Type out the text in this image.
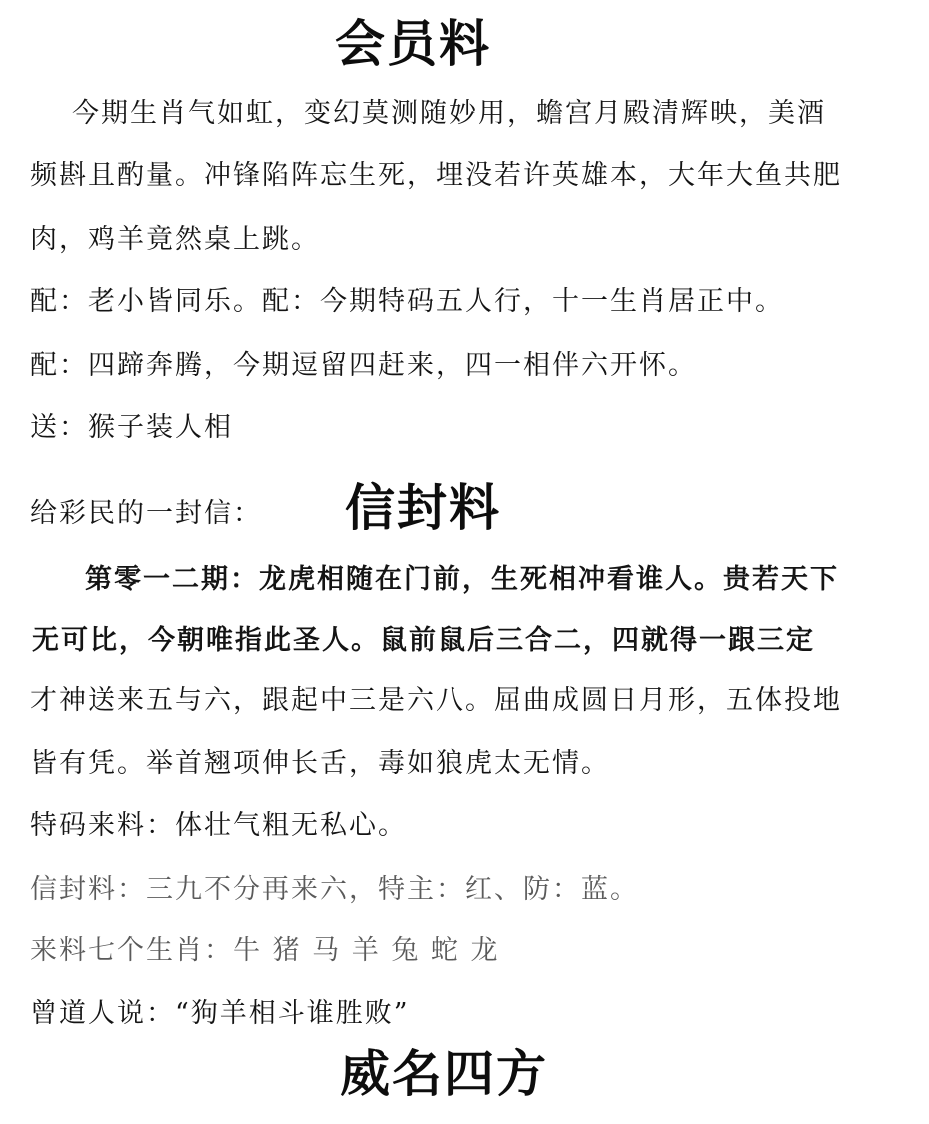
会员料
今期生肖气如虹，变幻莫测随妙用，蟾宫月殿清辉映，美酒
频斟且酌量。冲锋陷阵忘生死，埋没若许英雄本，大年大鱼共肥
肉，鸡羊竟然桌上跳。
配：老小皆同乐。配：今期特码五人行，十一生肖居正中。
配：四蹄奔腾，今期逗留四赶来，四一相伴六开怀。
送：猴子装人相
给彩民的一封信：	信封料
第零一二期：龙虎相随在门前，生死相冲看谁人。贵若天下
无可比，今朝唯指此圣人。鼠前鼠后三合二，四就得一跟三定
才神送来五与六，跟起中三是六八。屈曲成圆日月形，五体投地
皆有凭。举首翘项伸长舌，毒如狼虎太无情。
特码来料：体壮气粗无私心。
信封料：三九不分再来六，特主：红、防：蓝。
来料七个生肖：牛 猪 马 羊 兔 蛇 龙
曾道人说：“狗羊相斗谁胜败”
威名四方
